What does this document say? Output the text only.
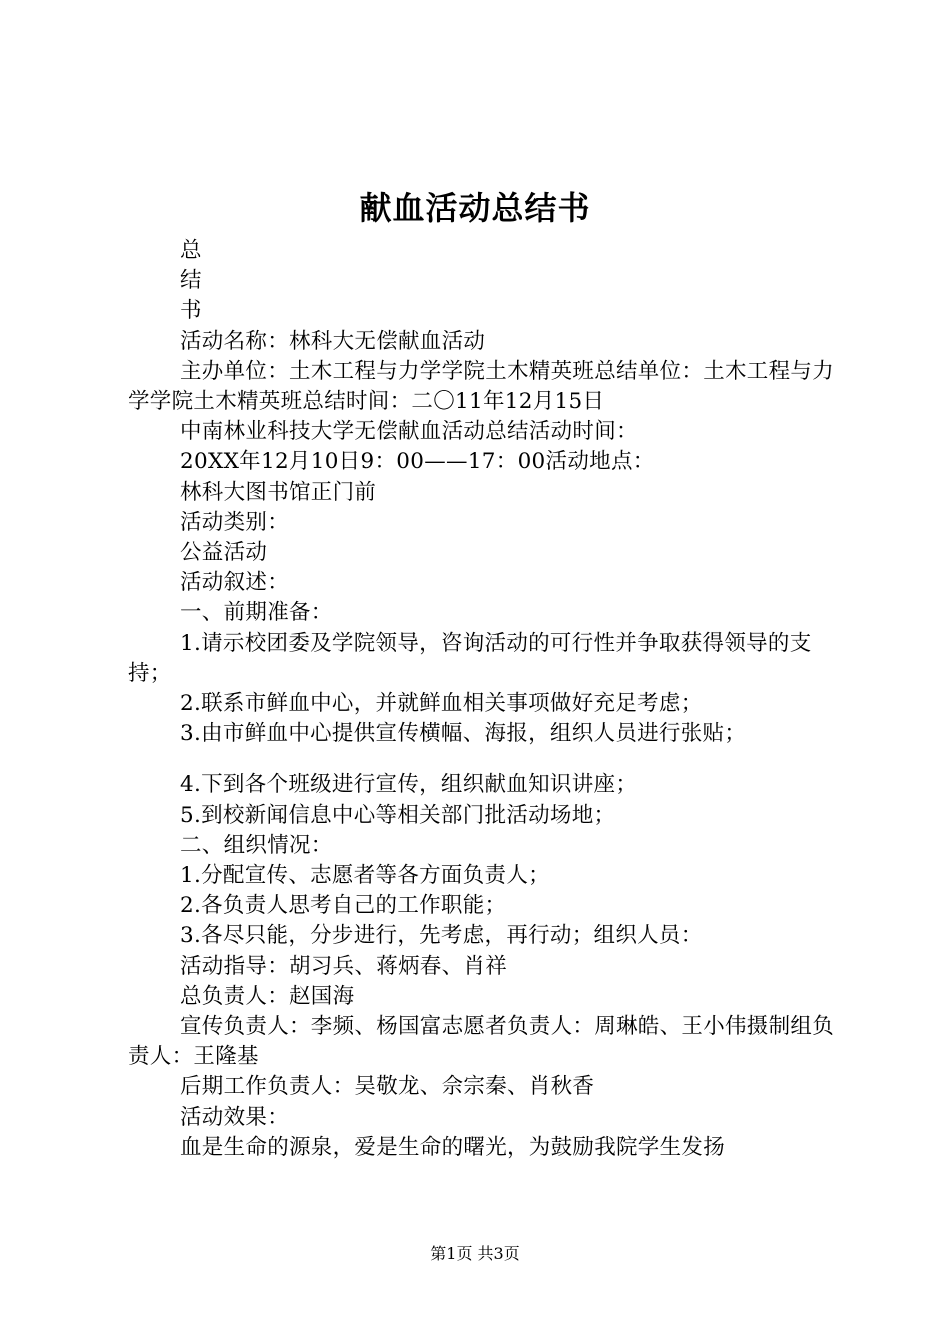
献血活动总结书

总

结

书

活动名称：林科大无偿献血活动

主办单位：土木工程与力学学院土木精英班总结单位：土木工程与力学学院土木精英班总结时间：二〇11年12月15日

中南林业科技大学无偿献血活动总结活动时间：

20XX年12月10日9：00——17：00活动地点：

林科大图书馆正门前

活动类别：

公益活动

活动叙述：

一、前期准备：

1.请示校团委及学院领导，咨询活动的可行性并争取获得领导的支持；

2.联系市鲜血中心，并就鲜血相关事项做好充足考虑；

3.由市鲜血中心提供宣传横幅、海报，组织人员进行张贴；

4.下到各个班级进行宣传，组织献血知识讲座；

5.到校新闻信息中心等相关部门批活动场地；

二、组织情况：

1.分配宣传、志愿者等各方面负责人；

2.各负责人思考自己的工作职能；

3.各尽只能，分步进行，先考虑，再行动；组织人员：

活动指导：胡习兵、蒋炳春、肖祥

总负责人：赵国海

宣传负责人：李频、杨国富志愿者负责人：周琳皓、王小伟摄制组负责人：王隆基

后期工作负责人：吴敬龙、佘宗秦、肖秋香

活动效果：

血是生命的源泉，爱是生命的曙光，为鼓励我院学生发扬

第1页 共3页
